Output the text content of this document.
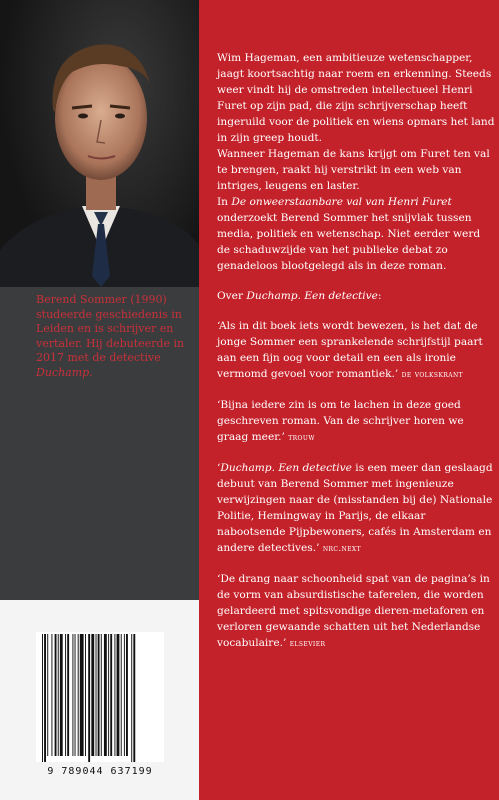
Berend Sommer (1990) studeerde geschiedenis in Leiden en is schrijver en vertaler. Hij debuteerde in 2017 met de detective Duchamp.

9 789044 637199

Wim Hageman, een ambitieuze wetenschapper, jaagt koortsachtig naar roem en erkenning. Steeds weer vindt hij de omstreden intellectueel Henri Furet op zijn pad, die zijn schrijverschap heeft ingeruild voor de politiek en wiens opmars het land in zijn greep houdt.

Wanneer Hageman de kans krijgt om Furet ten val te brengen, raakt hij verstrikt in een web van intriges, leugens en laster.

In De onweerstaanbare val van Henri Furet onderzoekt Berend Sommer het snijvlak tussen media, politiek en wetenschap. Niet eerder werd de schaduwzijde van het publieke debat zo genadeloos blootgelegd als in deze roman.

Over Duchamp. Een detective:

‘Als in dit boek iets wordt bewezen, is het dat de jonge Sommer een sprankelende schrijfstijl paart aan een fijn oog voor detail en een als ironie vermomd gevoel voor romantiek.’ de volkskrant

‘Bijna iedere zin is om te lachen in deze goed geschreven roman. Van de schrijver horen we graag meer.’ trouw

‘Duchamp. Een detective is een meer dan geslaagd debuut van Berend Sommer met ingenieuze verwijzingen naar de (misstanden bij de) Nationale Politie, Hemingway in Parijs, de elkaar nabootsende Pijpbewoners, cafés in Amsterdam en andere detectives.’ nrc.next

‘De drang naar schoonheid spat van de pagina’s in de vorm van absurdistische taferelen, die worden gelardeerd met spitsvondige dieren-metaforen en verloren gewaande schatten uit het Nederlandse vocabulaire.’ elsevier
